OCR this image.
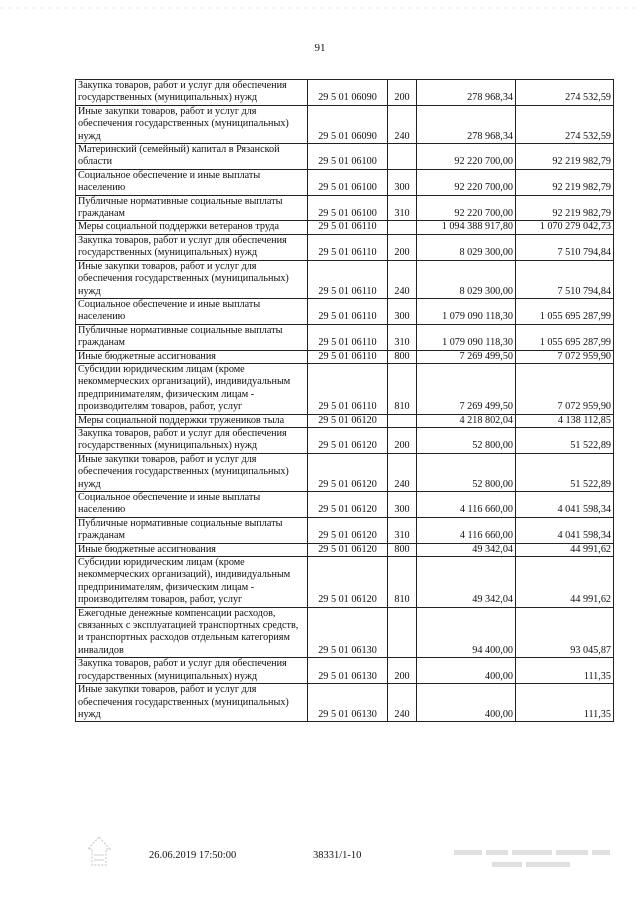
91
Закупка товаров, работ и услуг для обеспечения государственных (муниципальных) нужд	29 5 01 06090	200	278 968,34	274 532,59
Иные закупки товаров, работ и услуг для обеспечения государственных (муниципальных) нужд	29 5 01 06090	240	278 968,34	274 532,59
Материнский (семейный) капитал в Рязанской области	29 5 01 06100		92 220 700,00	92 219 982,79
Социальное обеспечение и иные выплаты населению	29 5 01 06100	300	92 220 700,00	92 219 982,79
Публичные нормативные социальные выплаты гражданам	29 5 01 06100	310	92 220 700,00	92 219 982,79
Меры социальной поддержки ветеранов труда	29 5 01 06110		1 094 388 917,80	1 070 279 042,73
Закупка товаров, работ и услуг для обеспечения государственных (муниципальных) нужд	29 5 01 06110	200	8 029 300,00	7 510 794,84
Иные закупки товаров, работ и услуг для обеспечения государственных (муниципальных) нужд	29 5 01 06110	240	8 029 300,00	7 510 794,84
Социальное обеспечение и иные выплаты населению	29 5 01 06110	300	1 079 090 118,30	1 055 695 287,99
Публичные нормативные социальные выплаты гражданам	29 5 01 06110	310	1 079 090 118,30	1 055 695 287,99
Иные бюджетные ассигнования	29 5 01 06110	800	7 269 499,50	7 072 959,90
Субсидии юридическим лицам (кроме некоммерческих организаций), индивидуальным предпринимателям, физическим лицам - производителям товаров, работ, услуг	29 5 01 06110	810	7 269 499,50	7 072 959,90
Меры социальной поддержки тружеников тыла	29 5 01 06120		4 218 802,04	4 138 112,85
Закупка товаров, работ и услуг для обеспечения государственных (муниципальных) нужд	29 5 01 06120	200	52 800,00	51 522,89
Иные закупки товаров, работ и услуг для обеспечения государственных (муниципальных) нужд	29 5 01 06120	240	52 800,00	51 522,89
Социальное обеспечение и иные выплаты населению	29 5 01 06120	300	4 116 660,00	4 041 598,34
Публичные нормативные социальные выплаты гражданам	29 5 01 06120	310	4 116 660,00	4 041 598,34
Иные бюджетные ассигнования	29 5 01 06120	800	49 342,04	44 991,62
Субсидии юридическим лицам (кроме некоммерческих организаций), индивидуальным предпринимателям, физическим лицам - производителям товаров, работ, услуг	29 5 01 06120	810	49 342,04	44 991,62
Ежегодные денежные компенсации расходов, связанных с эксплуатацией транспортных средств, и транспортных расходов отдельным категориям инвалидов	29 5 01 06130		94 400,00	93 045,87
Закупка товаров, работ и услуг для обеспечения государственных (муниципальных) нужд	29 5 01 06130	200	400,00	111,35
Иные закупки товаров, работ и услуг для обеспечения государственных (муниципальных) нужд	29 5 01 06130	240	400,00	111,35
26.06.2019 17:50:00	38331/1-10
